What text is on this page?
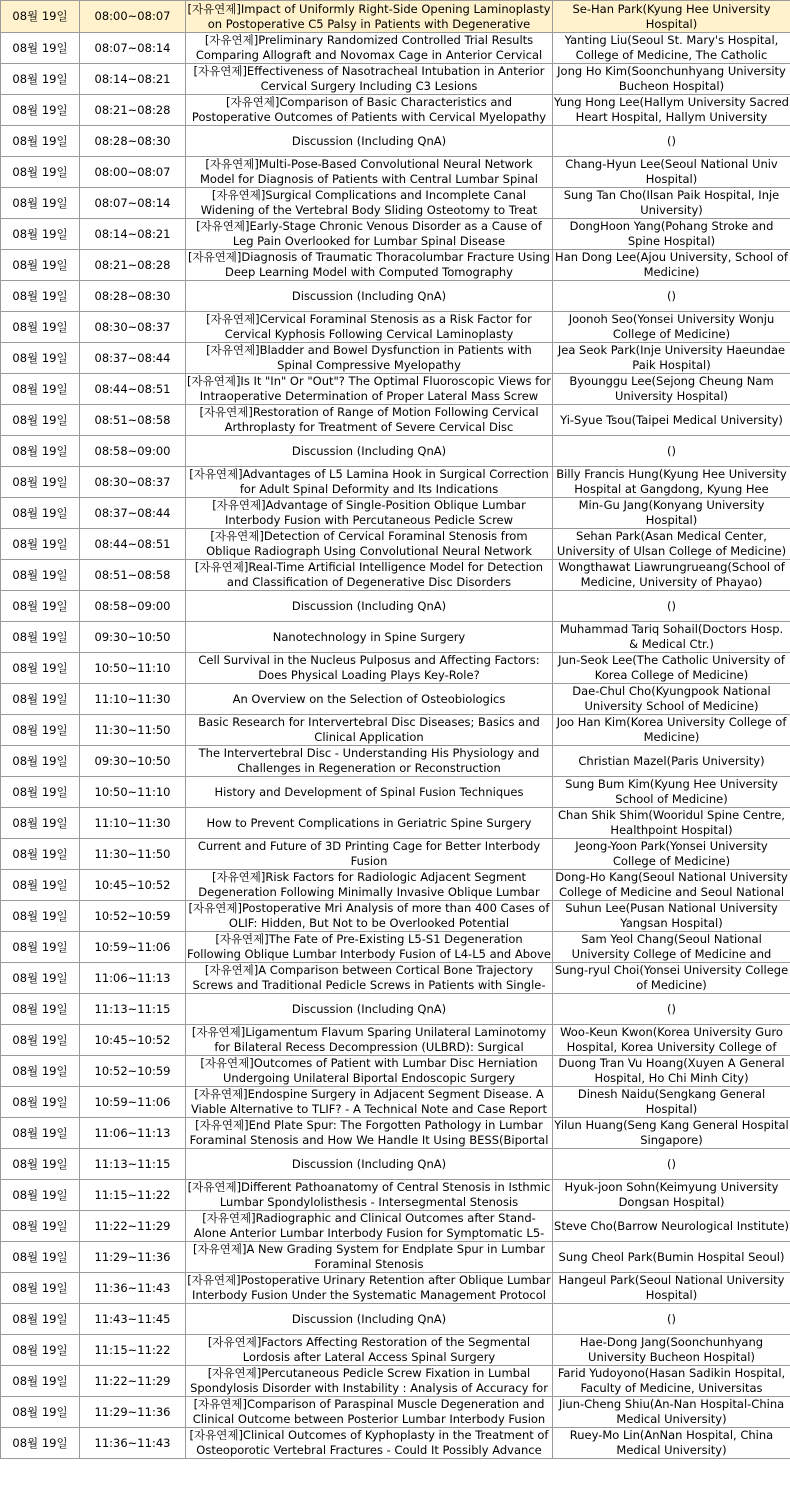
08월 19일	08:00~08:07	[자유연제]Impact of Uniformly Right-Side Opening Laminoplasty on Postoperative C5 Palsy in Patients with Degenerative	Se-Han Park(Kyung Hee University Hospital)

08월 19일	08:07~08:14	[자유연제]Preliminary Randomized Controlled Trial Results Comparing Allograft and Novomax Cage in Anterior Cervical	Yanting Liu(Seoul St. Mary's Hospital, College of Medicine, The Catholic

08월 19일	08:14~08:21	[자유연제]Effectiveness of Nasotracheal Intubation in Anterior Cervical Surgery Including C3 Lesions	Jong Ho Kim(Soonchunhyang University Bucheon Hospital)

08월 19일	08:21~08:28	[자유연제]Comparison of Basic Characteristics and Postoperative Outcomes of Patients with Cervical Myelopathy	Yung Hong Lee(Hallym University Sacred Heart Hospital, Hallym University

08월 19일	08:28~08:30	Discussion (Including QnA)	()

08월 19일	08:00~08:07	[자유연제]Multi-Pose-Based Convolutional Neural Network Model for Diagnosis of Patients with Central Lumbar Spinal	Chang-Hyun Lee(Seoul National Univ Hospital)

08월 19일	08:07~08:14	[자유연제]Surgical Complications and Incomplete Canal Widening of the Vertebral Body Sliding Osteotomy to Treat	Sung Tan Cho(Ilsan Paik Hospital, Inje University)

08월 19일	08:14~08:21	[자유연제]Early-Stage Chronic Venous Disorder as a Cause of Leg Pain Overlooked for Lumbar Spinal Disease	DongHoon Yang(Pohang Stroke and Spine Hospital)

08월 19일	08:21~08:28	[자유연제]Diagnosis of Traumatic Thoracolumbar Fracture Using Deep Learning Model with Computed Tomography	Han Dong Lee(Ajou University, School of Medicine)

08월 19일	08:28~08:30	Discussion (Including QnA)	()

08월 19일	08:30~08:37	[자유연제]Cervical Foraminal Stenosis as a Risk Factor for Cervical Kyphosis Following Cervical Laminoplasty	Joonoh Seo(Yonsei University Wonju College of Medicine)

08월 19일	08:37~08:44	[자유연제]Bladder and Bowel Dysfunction in Patients with Spinal Compressive Myelopathy	Jea Seok Park(Inje University Haeundae Paik Hospital)

08월 19일	08:44~08:51	[자유연제]Is It "In" Or "Out"? The Optimal Fluoroscopic Views for Intraoperative Determination of Proper Lateral Mass Screw	Byounggu Lee(Sejong Cheung Nam University Hospital)

08월 19일	08:51~08:58	[자유연제]Restoration of Range of Motion Following Cervical Arthroplasty for Treatment of Severe Cervical Disc	Yi-Syue Tsou(Taipei Medical University)

08월 19일	08:58~09:00	Discussion (Including QnA)	()

08월 19일	08:30~08:37	[자유연제]Advantages of L5 Lamina Hook in Surgical Correction for Adult Spinal Deformity and Its Indications	Billy Francis Hung(Kyung Hee University Hospital at Gangdong, Kyung Hee

08월 19일	08:37~08:44	[자유연제]Advantage of Single-Position Oblique Lumbar Interbody Fusion with Percutaneous Pedicle Screw	Min-Gu Jang(Konyang University Hospital)

08월 19일	08:44~08:51	[자유연제]Detection of Cervical Foraminal Stenosis from Oblique Radiograph Using Convolutional Neural Network	Sehan Park(Asan Medical Center, University of Ulsan College of Medicine)

08월 19일	08:51~08:58	[자유연제]Real-Time Artificial Intelligence Model for Detection and Classification of Degenerative Disc Disorders	Wongthawat Liawrungrueang(School of Medicine, University of Phayao)

08월 19일	08:58~09:00	Discussion (Including QnA)	()

08월 19일	09:30~10:50	Nanotechnology in Spine Surgery	Muhammad Tariq Sohail(Doctors Hosp. & Medical Ctr.)

08월 19일	10:50~11:10	Cell Survival in the Nucleus Pulposus and Affecting Factors: Does Physical Loading Plays Key-Role?	Jun-Seok Lee(The Catholic University of Korea College of Medicine)

08월 19일	11:10~11:30	An Overview on the Selection of Osteobiologics	Dae-Chul Cho(Kyungpook National University School of Medicine)

08월 19일	11:30~11:50	Basic Research for Intervertebral Disc Diseases; Basics and Clinical Application	Joo Han Kim(Korea University College of Medicine)

08월 19일	09:30~10:50	The Intervertebral Disc - Understanding His Physiology and Challenges in Regeneration or Reconstruction	Christian Mazel(Paris University)

08월 19일	10:50~11:10	History and Development of Spinal Fusion Techniques	Sung Bum Kim(Kyung Hee University School of Medicine)

08월 19일	11:10~11:30	How to Prevent Complications in Geriatric Spine Surgery	Chan Shik Shim(Wooridul Spine Centre, Healthpoint Hospital)

08월 19일	11:30~11:50	Current and Future of 3D Printing Cage for Better Interbody Fusion	Jeong-Yoon Park(Yonsei University College of Medicine)

08월 19일	10:45~10:52	[자유연제]Risk Factors for Radiologic Adjacent Segment Degeneration Following Minimally Invasive Oblique Lumbar	Dong-Ho Kang(Seoul National University College of Medicine and Seoul National

08월 19일	10:52~10:59	[자유연제]Postoperative Mri Analysis of more than 400 Cases of OLIF: Hidden, But Not to be Overlooked Potential	Suhun Lee(Pusan National University Yangsan Hospital)

08월 19일	10:59~11:06	[자유연제]The Fate of Pre-Existing L5-S1 Degeneration Following Oblique Lumbar Interbody Fusion of L4-L5 and Above	Sam Yeol Chang(Seoul National University College of Medicine and

08월 19일	11:06~11:13	[자유연제]A Comparison between Cortical Bone Trajectory Screws and Traditional Pedicle Screws in Patients with Single-	Sung-ryul Choi(Yonsei University College of Medicine)

08월 19일	11:13~11:15	Discussion (Including QnA)	()

08월 19일	10:45~10:52	[자유연제]Ligamentum Flavum Sparing Unilateral Laminotomy for Bilateral Recess Decompression (ULBRD): Surgical	Woo-Keun Kwon(Korea University Guro Hospital, Korea University College of

08월 19일	10:52~10:59	[자유연제]Outcomes of Patient with Lumbar Disc Herniation Undergoing Unilateral Biportal Endoscopic Surgery	Duong Tran Vu Hoang(Xuyen A General Hospital, Ho Chi Minh City)

08월 19일	10:59~11:06	[자유연제]Endospine Surgery in Adjacent Segment Disease. A Viable Alternative to TLIF? - A Technical Note and Case Report	Dinesh Naidu(Sengkang General Hospital)

08월 19일	11:06~11:13	[자유연제]End Plate Spur: The Forgotten Pathology in Lumbar Foraminal Stenosis and How We Handle It Using BESS(Biportal	Yilun Huang(Seng Kang General Hospital Singapore)

08월 19일	11:13~11:15	Discussion (Including QnA)	()

08월 19일	11:15~11:22	[자유연제]Different Pathoanatomy of Central Stenosis in Isthmic Lumbar Spondylolisthesis - Intersegmental Stenosis	Hyuk-joon Sohn(Keimyung University Dongsan Hospital)

08월 19일	11:22~11:29	[자유연제]Radiographic and Clinical Outcomes after Stand-Alone Anterior Lumbar Interbody Fusion for Symptomatic L5-	Steve Cho(Barrow Neurological Institute)

08월 19일	11:29~11:36	[자유연제]A New Grading System for Endplate Spur in Lumbar Foraminal Stenosis	Sung Cheol Park(Bumin Hospital Seoul)

08월 19일	11:36~11:43	[자유연제]Postoperative Urinary Retention after Oblique Lumbar Interbody Fusion Under the Systematic Management Protocol	Hangeul Park(Seoul National University Hospital)

08월 19일	11:43~11:45	Discussion (Including QnA)	()

08월 19일	11:15~11:22	[자유연제]Factors Affecting Restoration of the Segmental Lordosis after Lateral Access Spinal Surgery	Hae-Dong Jang(Soonchunhyang University Bucheon Hospital)

08월 19일	11:22~11:29	[자유연제]Percutaneous Pedicle Screw Fixation in Lumbal Spondylosis Disorder with Instability : Analysis of Accuracy for	Farid Yudoyono(Hasan Sadikin Hospital, Faculty of Medicine, Universitas

08월 19일	11:29~11:36	[자유연제]Comparison of Paraspinal Muscle Degeneration and Clinical Outcome between Posterior Lumbar Interbody Fusion	Jiun-Cheng Shiu(An-Nan Hospital-China Medical University)

08월 19일	11:36~11:43	[자유연제]Clinical Outcomes of Kyphoplasty in the Treatment of Osteoporotic Vertebral Fractures - Could It Possibly Advance	Ruey-Mo Lin(AnNan Hospital, China Medical University)
